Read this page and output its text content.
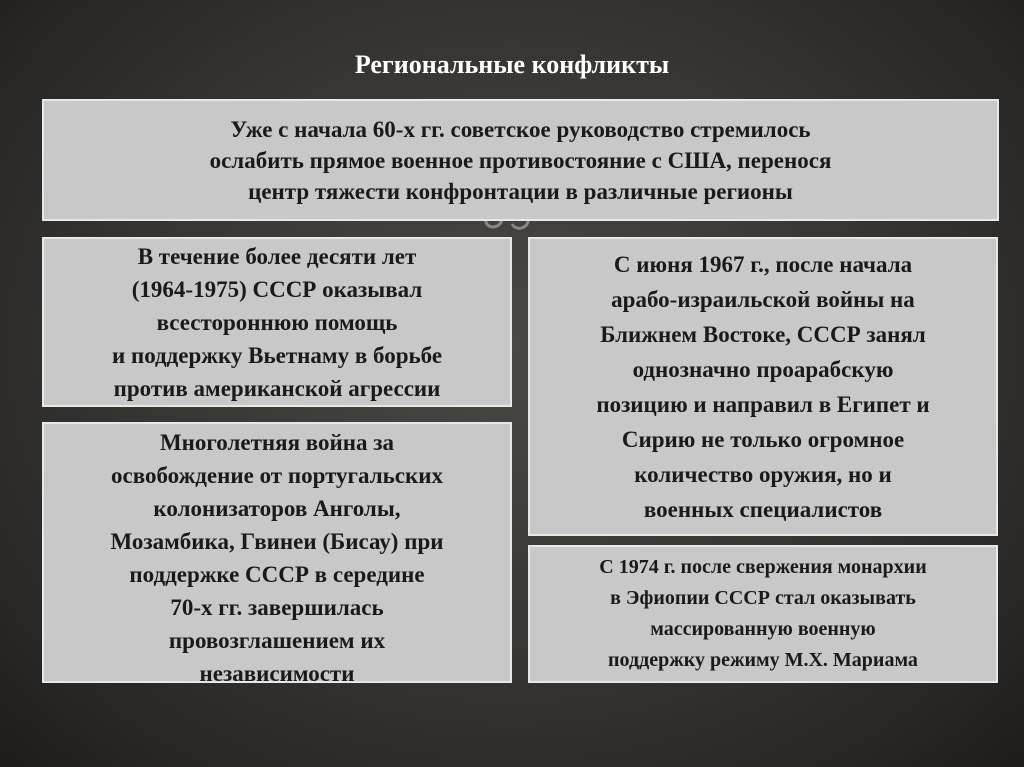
Региональные конфликты
Уже с начала 60-х гг. советское руководство стремилось
ослабить прямое военное противостояние с США, перенося
центр тяжести конфронтации в различные регионы
В течение более десяти лет
(1964-1975) СССР оказывал
всестороннюю помощь
и поддержку Вьетнаму в борьбе
против американской агрессии
Многолетняя война за
освобождение от португальских
колонизаторов Анголы,
Мозамбика, Гвинеи (Бисау) при
поддержке СССР в середине
70-х гг. завершилась
провозглашением их
независимости
С июня 1967 г., после начала
арабо-израильской войны на
Ближнем Востоке, СССР занял
однозначно проарабскую
позицию и направил в Египет и
Сирию не только огромное
количество оружия, но и
военных специалистов
С 1974 г. после свержения монархии
в Эфиопии СССР стал оказывать
массированную военную
поддержку режиму М.Х. Мариама
